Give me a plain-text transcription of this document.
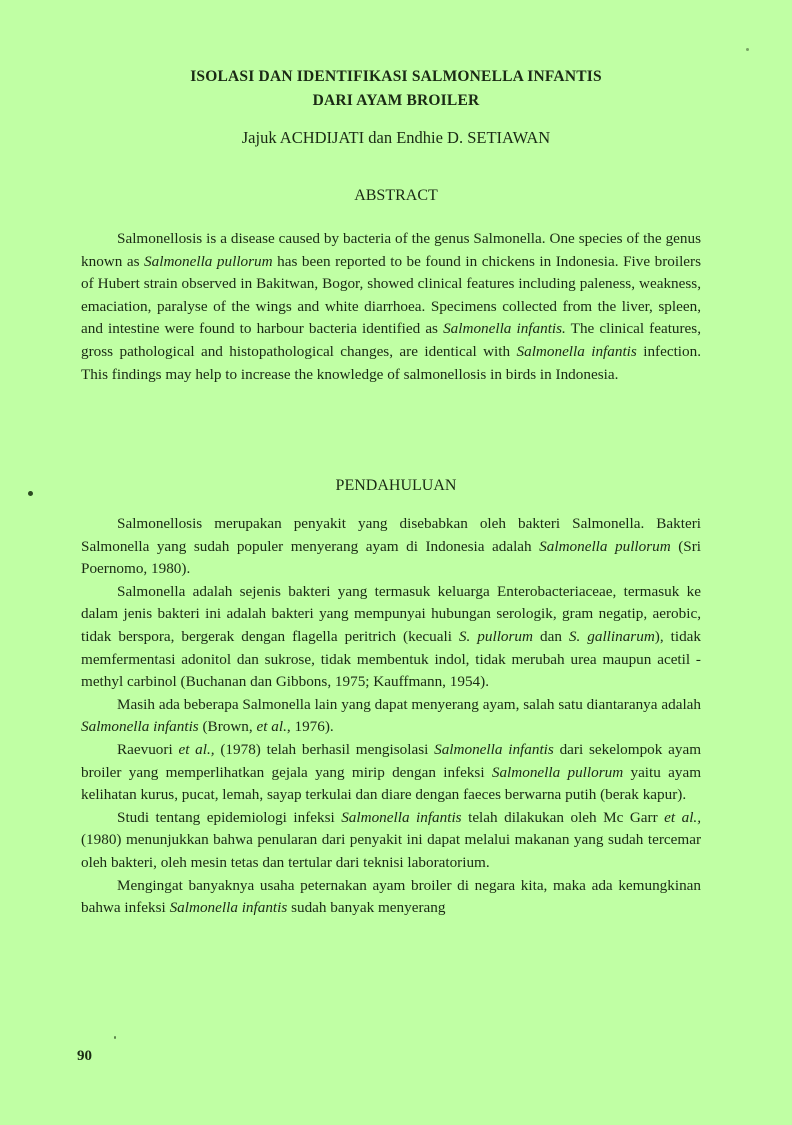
ISOLASI DAN IDENTIFIKASI SALMONELLA INFANTIS
DARI AYAM BROILER
Jajuk ACHDIJATI dan Endhie D. SETIAWAN
ABSTRACT

Salmonellosis is a disease caused by bacteria of the genus Salmonella. One species of the genus known as Salmonella pullorum has been reported to be found in chickens in Indonesia. Five broilers of Hubert strain observed in Bakitwan, Bogor, showed clinical features including paleness, weakness, emaciation, paralyse of the wings and white diarrhoea. Specimens collected from the liver, spleen, and intestine were found to harbour bacteria identified as Salmonella infantis. The clinical features, gross pathological and histopathological changes, are identical with Salmonella infantis infection. This findings may help to increase the knowledge of salmonellosis in birds in Indonesia.

PENDAHULUAN

Salmonellosis merupakan penyakit yang disebabkan oleh bakteri Salmonella. Bakteri Salmonella yang sudah populer menyerang ayam di Indonesia adalah Salmonella pullorum (Sri Poernomo, 1980).

Salmonella adalah sejenis bakteri yang termasuk keluarga Enterobacteriaceae, termasuk ke dalam jenis bakteri ini adalah bakteri yang mempunyai hubungan serologik, gram negatip, aerobic, tidak berspora, bergerak dengan flagella peritrich (kecuali S. pullorum dan S. gallinarum), tidak memfermentasi adonitol dan sukrose, tidak membentuk indol, tidak merubah urea maupun acetil - methyl carbinol (Buchanan dan Gibbons, 1975; Kauffmann, 1954).

Masih ada beberapa Salmonella lain yang dapat menyerang ayam, salah satu diantaranya adalah Salmonella infantis (Brown, et al., 1976).

Raevuori et al., (1978) telah berhasil mengisolasi Salmonella infantis dari sekelompok ayam broiler yang memperlihatkan gejala yang mirip dengan infeksi Salmonella pullorum yaitu ayam kelihatan kurus, pucat, lemah, sayap terkulai dan diare dengan faeces berwarna putih (berak kapur).

Studi tentang epidemiologi infeksi Salmonella infantis telah dilakukan oleh Mc Garr et al., (1980) menunjukkan bahwa penularan dari penyakit ini dapat melalui makanan yang sudah tercemar oleh bakteri, oleh mesin tetas dan tertular dari teknisi laboratorium.

Mengingat banyaknya usaha peternakan ayam broiler di negara kita, maka ada kemungkinan bahwa infeksi Salmonella infantis sudah banyak menyerang

90
